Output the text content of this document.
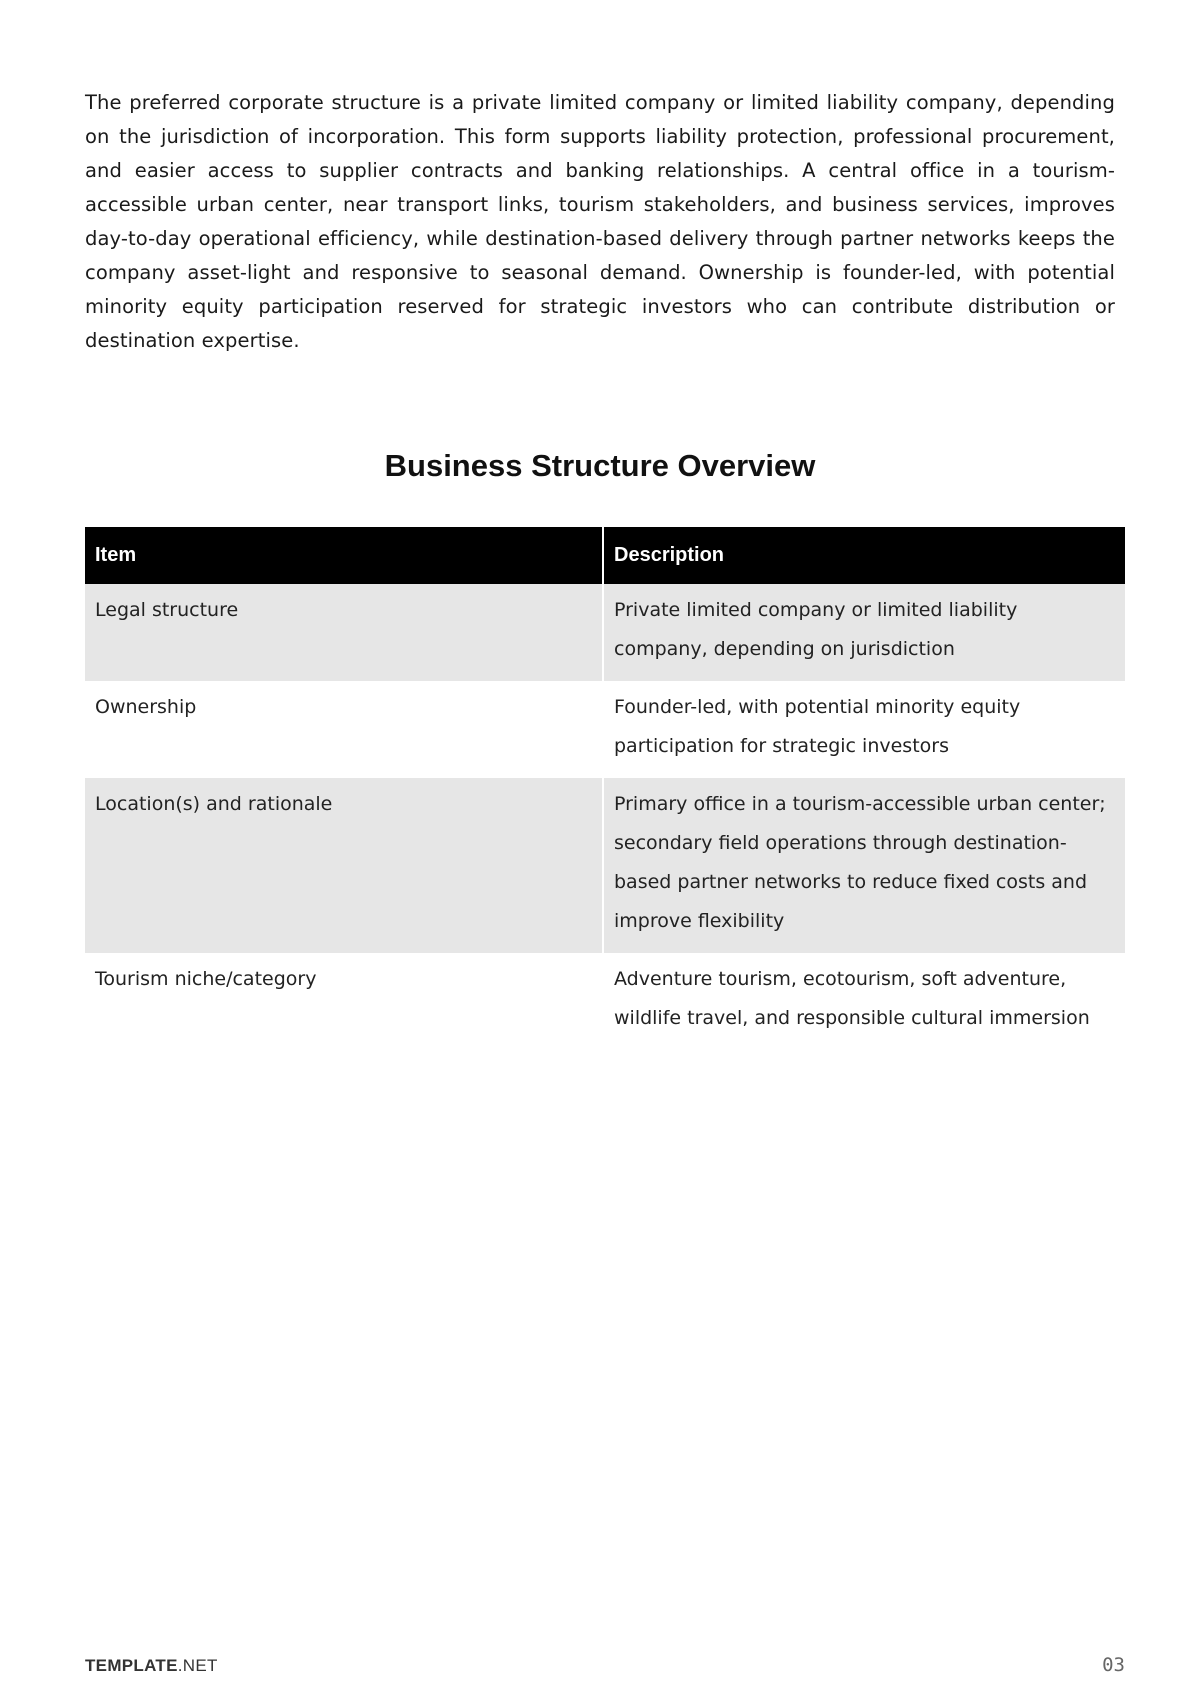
The preferred corporate structure is a private limited company or limited liability company, depending on the jurisdiction of incorporation. This form supports liability protection, professional procurement, and easier access to supplier contracts and banking relationships. A central office in a tourism-accessible urban center, near transport links, tourism stakeholders, and business services, improves day-to-day operational efficiency, while destination-based delivery through partner networks keeps the company asset-light and responsive to seasonal demand. Ownership is founder-led, with potential minority equity participation reserved for strategic investors who can contribute distribution or destination expertise.

Business Structure Overview
Item	Description
Legal structure	Private limited company or limited liability company, depending on jurisdiction
Ownership	Founder-led, with potential minority equity participation for strategic investors
Location(s) and rationale	Primary office in a tourism-accessible urban center; secondary field operations through destination-based partner networks to reduce fixed costs and improve flexibility
Tourism niche/category	Adventure tourism, ecotourism, soft adventure, wildlife travel, and responsible cultural immersion
TEMPLATE.NET	03
